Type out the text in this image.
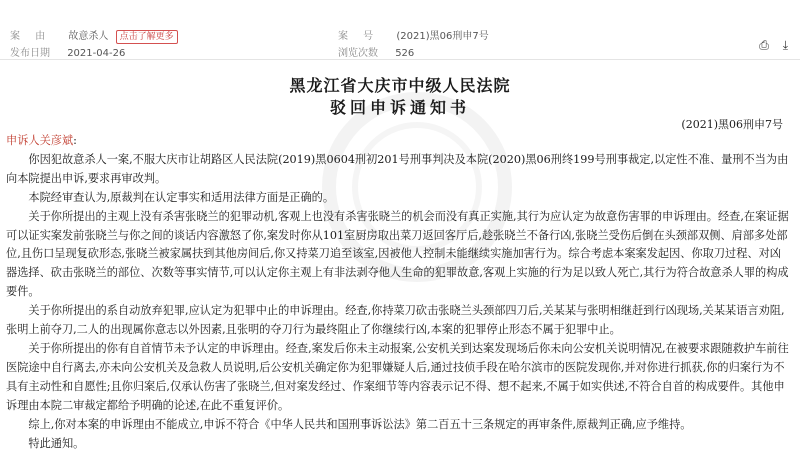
案 由 故意杀人 点击了解更多	案 号 (2021)黑06刑申7号
发布日期 2021-04-26	浏览次数 526
⎙ ⤓
黑龙江省大庆市中级人民法院
驳回申诉通知书
(2021)黑06刑申7号

申诉人关彦斌:

你因犯故意杀人一案,不服大庆市让胡路区人民法院(2019)黑0604刑初201号刑事判决及本院(2020)黑06刑终199号刑事裁定,以定性不准、量刑不当为由向本院提出申诉,要求再审改判。

本院经审查认为,原裁判在认定事实和适用法律方面是正确的。

关于你所提出的主观上没有杀害张晓兰的犯罪动机,客观上也没有杀害张晓兰的机会而没有真正实施,其行为应认定为故意伤害罪的申诉理由。经查,在案证据可以证实案发前张晓兰与你之间的谈话内容激怒了你,案发时你从101室厨房取出菜刀返回客厅后,趁张晓兰不备行凶,张晓兰受伤后倒在头颈部双侧、肩部多处部位,且伤口呈现复砍形态,张晓兰被家属扶到其他房间后,你又持菜刀追至该室,因被他人控制未能继续实施加害行为。综合考虑本案案发起因、你取刀过程、对凶器选择、砍击张晓兰的部位、次数等事实情节,可以认定你主观上有非法剥夺他人生命的犯罪故意,客观上实施的行为足以致人死亡,其行为符合故意杀人罪的构成要件。

关于你所提出的系自动放弃犯罪,应认定为犯罪中止的申诉理由。经查,你持菜刀砍击张晓兰头颈部四刀后,关某某与张明相继赶到行凶现场,关某某语言劝阻,张明上前夺刀,二人的出现属你意志以外因素,且张明的夺刀行为最终阻止了你继续行凶,本案的犯罪停止形态不属于犯罪中止。

关于你所提出的你有自首情节未予认定的申诉理由。经查,案发后你未主动报案,公安机关到达案发现场后你未向公安机关说明情况,在被要求跟随救护车前往医院途中自行离去,亦未向公安机关及急救人员说明,后公安机关确定你为犯罪嫌疑人后,通过技侦手段在哈尔滨市的医院发现你,并对你进行抓获,你的归案行为不具有主动性和自愿性;且你归案后,仅承认伤害了张晓兰,但对案发经过、作案细节等内容表示记不得、想不起来,不属于如实供述,不符合自首的构成要件。其他申诉理由本院二审裁定都给予明确的论述,在此不重复评价。

综上,你对本案的申诉理由不能成立,申诉不符合《中华人民共和国刑事诉讼法》第二百五十三条规定的再审条件,原裁判正确,应予维持。

特此通知。
